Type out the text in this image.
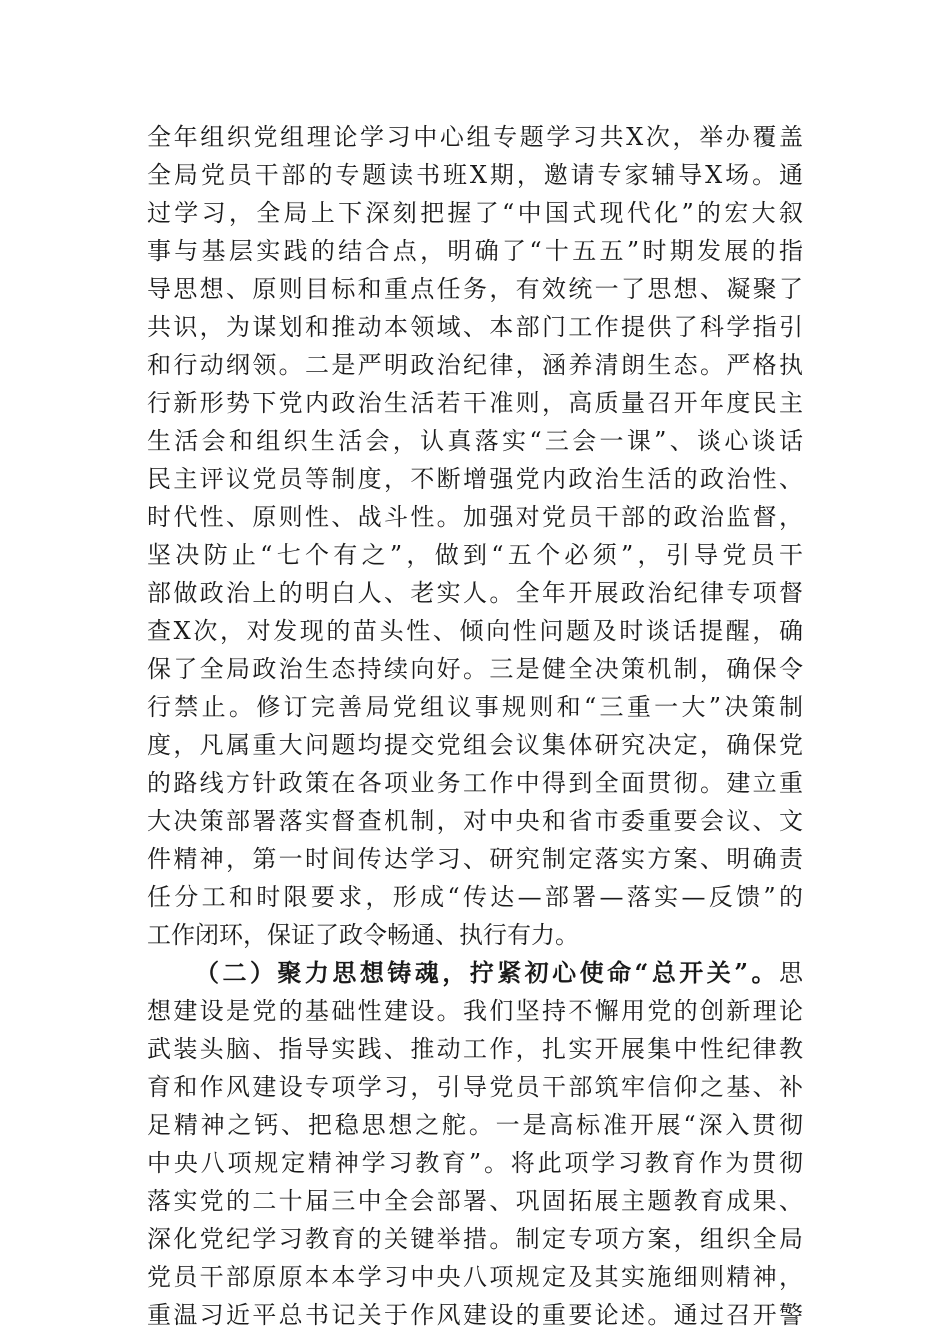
全年组织党组理论学习中心组专题学习共X次，举办覆盖
全局党员干部的专题读书班X期，邀请专家辅导X场。通
过学习，全局上下深刻把握了“中国式现代化”的宏大叙
事与基层实践的结合点，明确了“十五五”时期发展的指
导思想、原则目标和重点任务，有效统一了思想、凝聚了
共识，为谋划和推动本领域、本部门工作提供了科学指引
和行动纲领。二是严明政治纪律，涵养清朗生态。严格执
行新形势下党内政治生活若干准则，高质量召开年度民主
生活会和组织生活会，认真落实“三会一课”、谈心谈话
民主评议党员等制度，不断增强党内政治生活的政治性、
时代性、原则性、战斗性。加强对党员干部的政治监督，
坚决防止“七个有之”，做到“五个必须”，引导党员干
部做政治上的明白人、老实人。全年开展政治纪律专项督
查X次，对发现的苗头性、倾向性问题及时谈话提醒，确
保了全局政治生态持续向好。三是健全决策机制，确保令
行禁止。修订完善局党组议事规则和“三重一大”决策制
度，凡属重大问题均提交党组会议集体研究决定，确保党
的路线方针政策在各项业务工作中得到全面贯彻。建立重
大决策部署落实督查机制，对中央和省市委重要会议、文
件精神，第一时间传达学习、研究制定落实方案、明确责
任分工和时限要求，形成“传达—部署—落实—反馈”的
工作闭环，保证了政令畅通、执行有力。
（二）聚力思想铸魂，拧紧初心使命“总开关”。思
想建设是党的基础性建设。我们坚持不懈用党的创新理论
武装头脑、指导实践、推动工作，扎实开展集中性纪律教
育和作风建设专项学习，引导党员干部筑牢信仰之基、补
足精神之钙、把稳思想之舵。一是高标准开展“深入贯彻
中央八项规定精神学习教育”。将此项学习教育作为贯彻
落实党的二十届三中全会部署、巩固拓展主题教育成果、
深化党纪学习教育的关键举措。制定专项方案，组织全局
党员干部原原本本学习中央八项规定及其实施细则精神，
重温习近平总书记关于作风建设的重要论述。通过召开警
